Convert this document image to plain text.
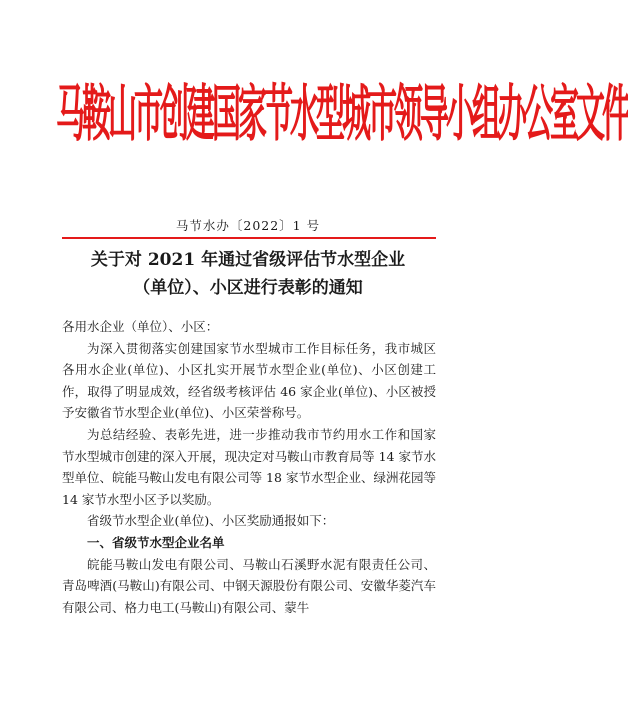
马鞍山市创建国家节水型城市领导小组办公室文件
马节水办〔2022〕1 号
关于对 2021 年通过省级评估节水型企业
（单位）、小区进行表彰的通知

各用水企业（单位）、小区：

为深入贯彻落实创建国家节水型城市工作目标任务，我市城区各用水企业(单位)、小区扎实开展节水型企业(单位)、小区创建工作，取得了明显成效，经省级考核评估 46 家企业(单位)、小区被授予安徽省节水型企业(单位)、小区荣誉称号。

为总结经验、表彰先进，进一步推动我市节约用水工作和国家节水型城市创建的深入开展，现决定对马鞍山市教育局等 14 家节水型单位、皖能马鞍山发电有限公司等 18 家节水型企业、绿洲花园等 14 家节水型小区予以奖励。

省级节水型企业(单位)、小区奖励通报如下：

一、省级节水型企业名单

皖能马鞍山发电有限公司、马鞍山石溪野水泥有限责任公司、青岛啤酒(马鞍山)有限公司、中钢天源股份有限公司、安徽华菱汽车有限公司、格力电工(马鞍山)有限公司、蒙牛
